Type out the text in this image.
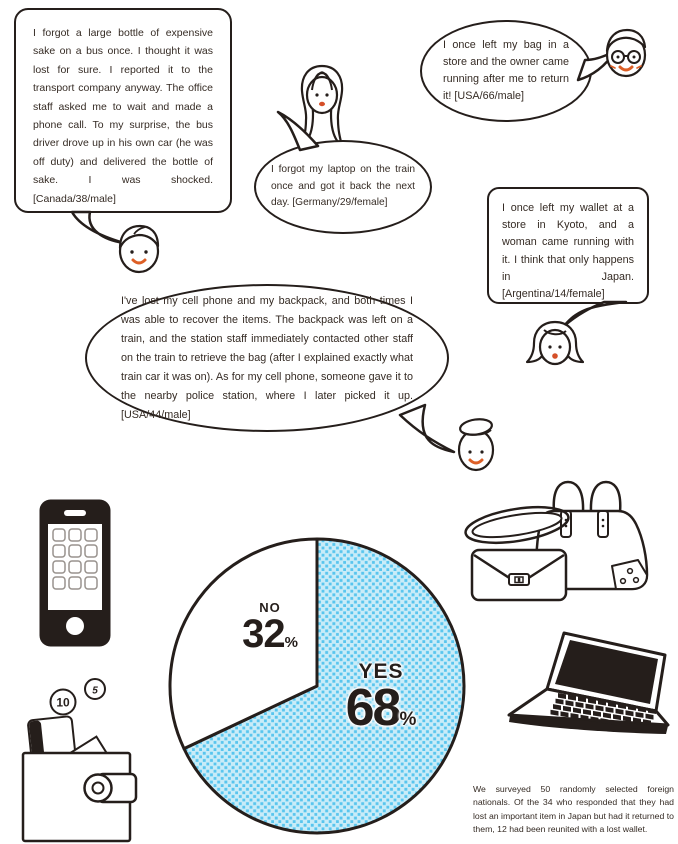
I forgot a large bottle of expensive sake on a bus once. I thought it was lost for sure. I reported it to the transport company anyway. The office staff asked me to wait and made a phone call. To my surprise, the bus driver drove up in his own car (he was off duty) and delivered the bottle of sake. I was shocked. [Canada/38/male]
I once left my bag in a store and the owner came running after me to return it! [USA/66/male]
I forgot my laptop on the train once and got it back the next day. [Germany/29/female]	I once left my wallet at a store in Kyoto, and a woman came running with it. I think that only happens in Japan. [Argentina/14/female]
I've lost my cell phone and my backpack, and both times I was able to recover the items. The backpack was left on a train, and the station staff immediately contacted other staff on the train to retrieve the bag (after I explained exactly what train car it was on). As for my cell phone, someone gave it to the nearby police station, where I later picked it up. [USA/44/male]
NO
32%
YES
68%
10
5
We surveyed 50 randomly selected foreign nationals. Of the 34 who responded that they had lost an important item in Japan but had it returned to them, 12 had been reunited with a lost wallet.
